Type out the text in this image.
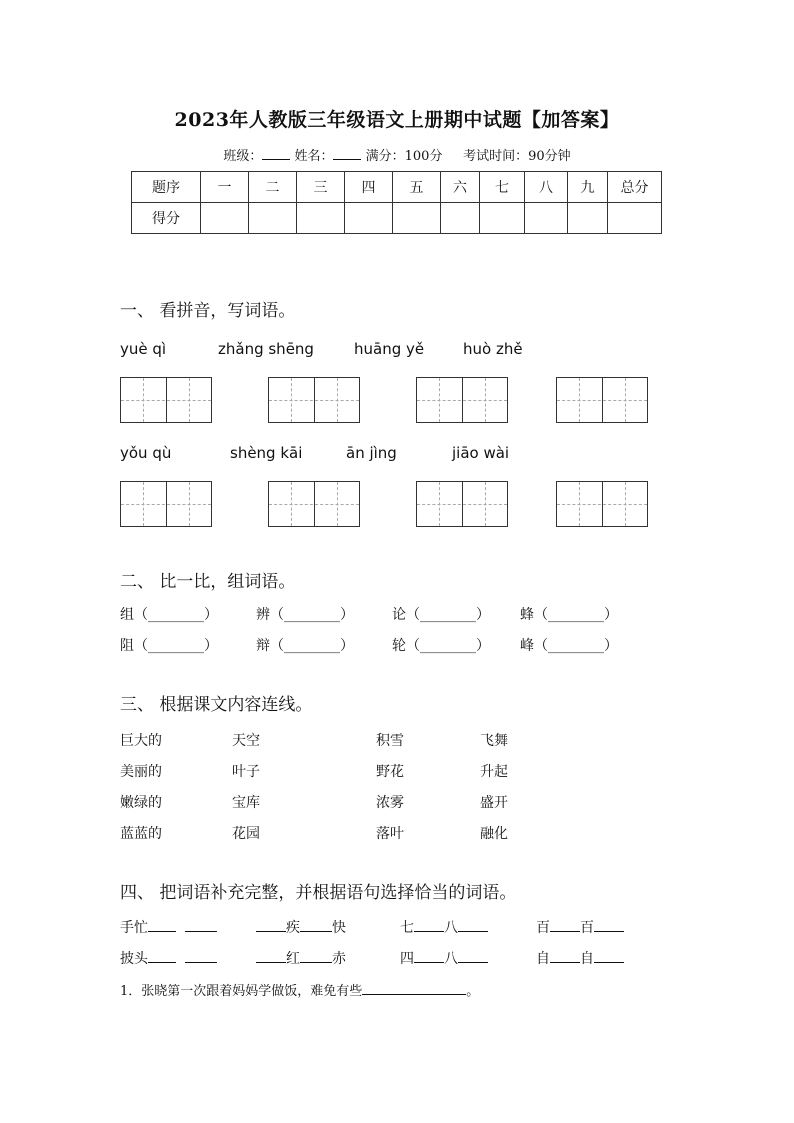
2023年人教版三年级语文上册期中试题【加答案】
班级： 姓名： 满分：100分 考试时间：90分钟
题序	一	二	三	四	五	六	七	八	九	总分
得分										
一、 看拼音，写词语。
yuè qì	zhǎng shēng	huāng yě	huò zhě
yǒu qù	shèng kāi	ān jìng	jiāo wài
二、 比一比，组词语。
组（________）	辨（________）	论（________） 蜂（________）
阻（________）	辩（________）	轮（________） 峰（________）
三、 根据课文内容连线。
巨大的	天空	积雪	飞舞
美丽的	叶子	野花	升起
嫩绿的	宝库	浓雾	盛开
蓝蓝的	花园	落叶	融化
四、 把词语补充完整，并根据语句选择恰当的词语。
手忙	疾 快	七 八	百 百
披头	红 赤	四 八	自 自
1．张晓第一次跟着妈妈学做饭，难免有些	。
